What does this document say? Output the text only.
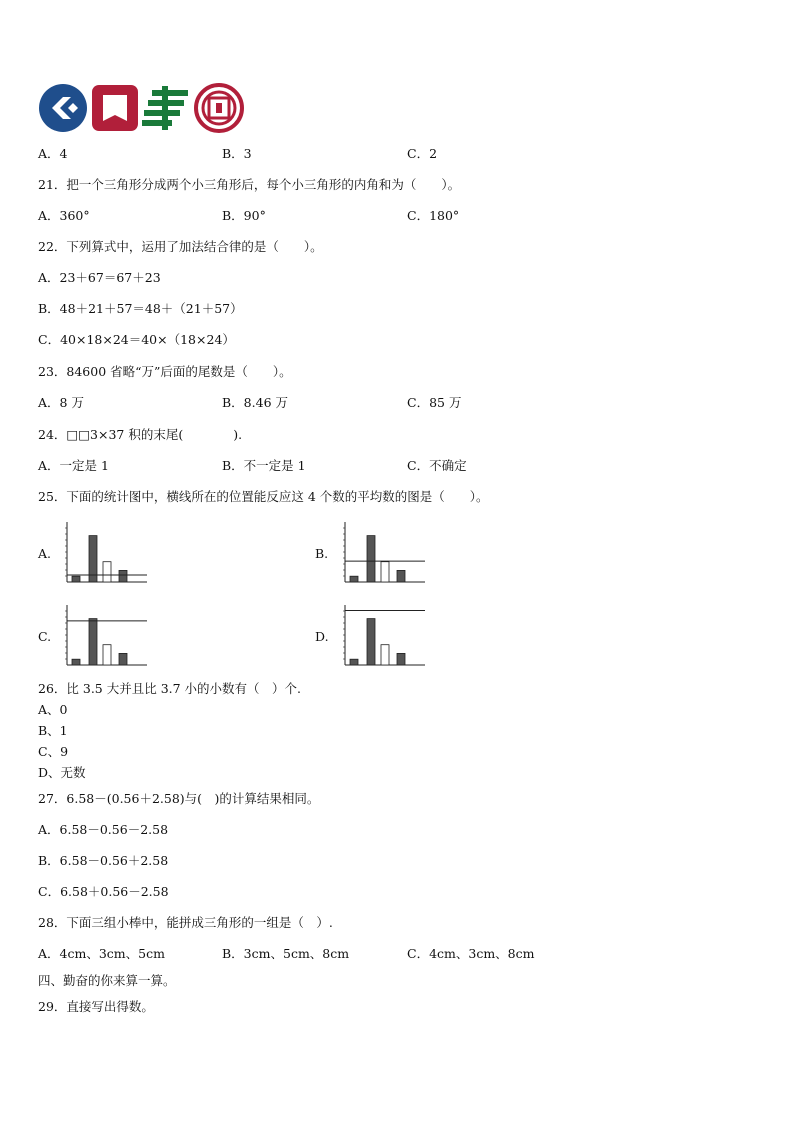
A．4	B．3	C．2
21．把一个三角形分成两个小三角形后，每个小三角形的内角和为（　　）。
A．360°	B．90°	C．180°
22．下列算式中，运用了加法结合律的是（　　）。
A．23＋67＝67＋23
B．48＋21＋57＝48＋（21＋57）
C．40×18×24＝40×（18×24）
23．84600 省略“万”后面的尾数是（　　）。
A．8 万	B．8.46 万	C．85 万
24．□□3×37 积的末尾(　　　　).
A．一定是 1	B．不一定是 1	C．不确定
25．下面的统计图中，横线所在的位置能反应这 4 个数的平均数的图是（　　）。
A.	B.
C.	D.
26．比 3.5 大并且比 3.7 小的小数有（　）个.
A、0
B、1
C、9
D、无数
27．6.58－(0.56＋2.58)与(　)的计算结果相同。
A．6.58－0.56－2.58
B．6.58－0.56＋2.58
C．6.58＋0.56－2.58
28．下面三组小棒中，能拼成三角形的一组是（　）.
A．4cm、3cm、5cm	B．3cm、5cm、8cm	C．4cm、3cm、8cm
四、勤奋的你来算一算。
29．直接写出得数。
